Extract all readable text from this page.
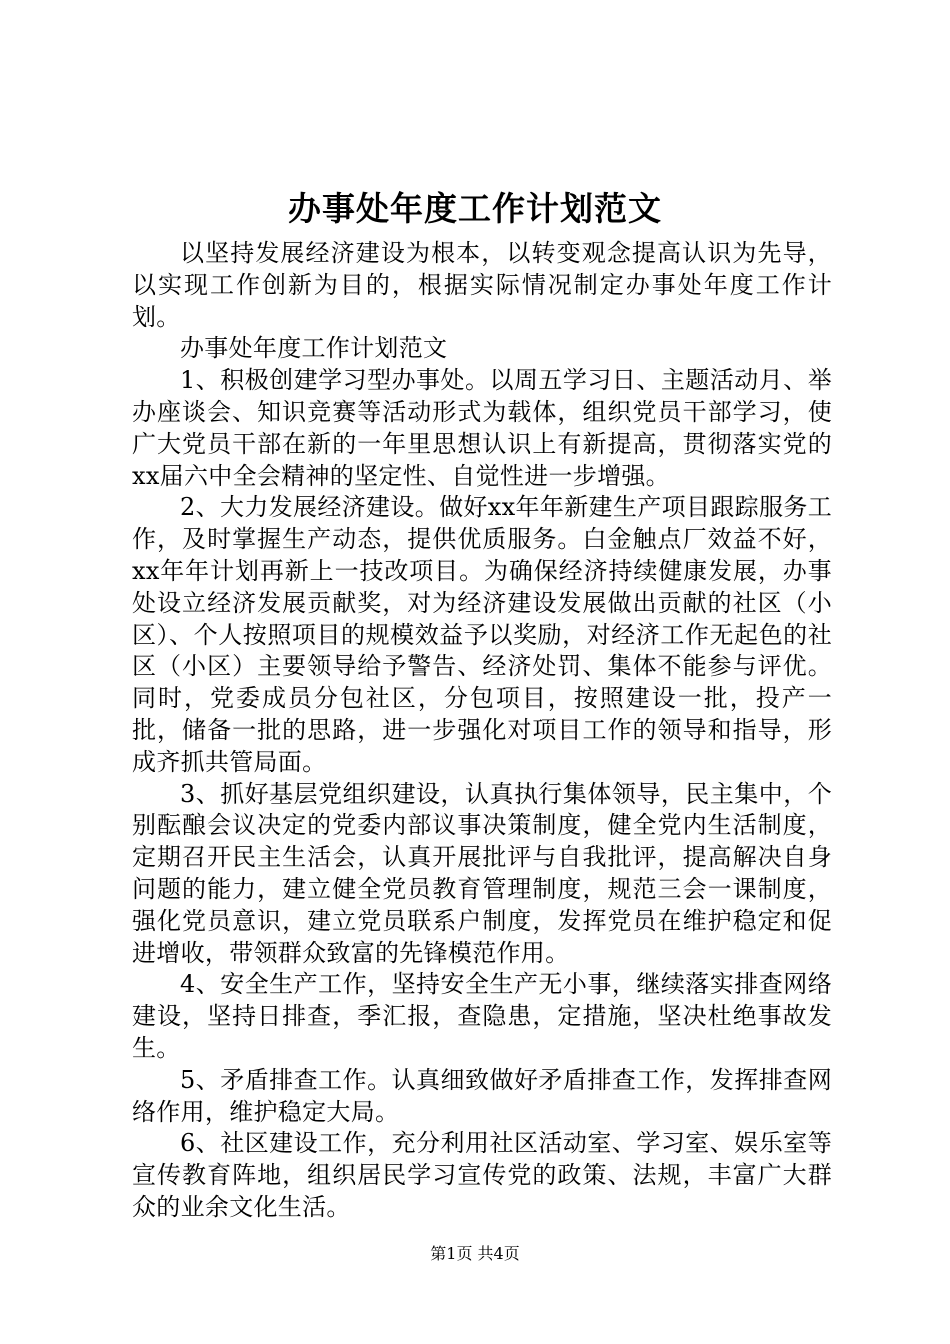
办事处年度工作计划范文

以坚持发展经济建设为根本，以转变观念提高认识为先导，以实现工作创新为目的，根据实际情况制定办事处年度工作计划。

办事处年度工作计划范文

1、积极创建学习型办事处。以周五学习日、主题活动月、举办座谈会、知识竞赛等活动形式为载体，组织党员干部学习，使广大党员干部在新的一年里思想认识上有新提高，贯彻落实党的xx届六中全会精神的坚定性、自觉性进一步增强。

2、大力发展经济建设。做好xx年年新建生产项目跟踪服务工作，及时掌握生产动态，提供优质服务。白金触点厂效益不好，xx年年计划再新上一技改项目。为确保经济持续健康发展，办事处设立经济发展贡献奖，对为经济建设发展做出贡献的社区（小区）、个人按照项目的规模效益予以奖励，对经济工作无起色的社区（小区）主要领导给予警告、经济处罚、集体不能参与评优。同时，党委成员分包社区，分包项目，按照建设一批，投产一批，储备一批的思路，进一步强化对项目工作的领导和指导，形成齐抓共管局面。

3、抓好基层党组织建设，认真执行集体领导，民主集中，个别酝酿会议决定的党委内部议事决策制度，健全党内生活制度，定期召开民主生活会，认真开展批评与自我批评，提高解决自身问题的能力，建立健全党员教育管理制度，规范三会一课制度，强化党员意识，建立党员联系户制度，发挥党员在维护稳定和促进增收，带领群众致富的先锋模范作用。

4、安全生产工作，坚持安全生产无小事，继续落实排查网络建设，坚持日排查，季汇报，查隐患，定措施，坚决杜绝事故发生。

5、矛盾排查工作。认真细致做好矛盾排查工作，发挥排查网络作用，维护稳定大局。

6、社区建设工作，充分利用社区活动室、学习室、娱乐室等宣传教育阵地，组织居民学习宣传党的政策、法规，丰富广大群众的业余文化生活。

第1页 共4页
